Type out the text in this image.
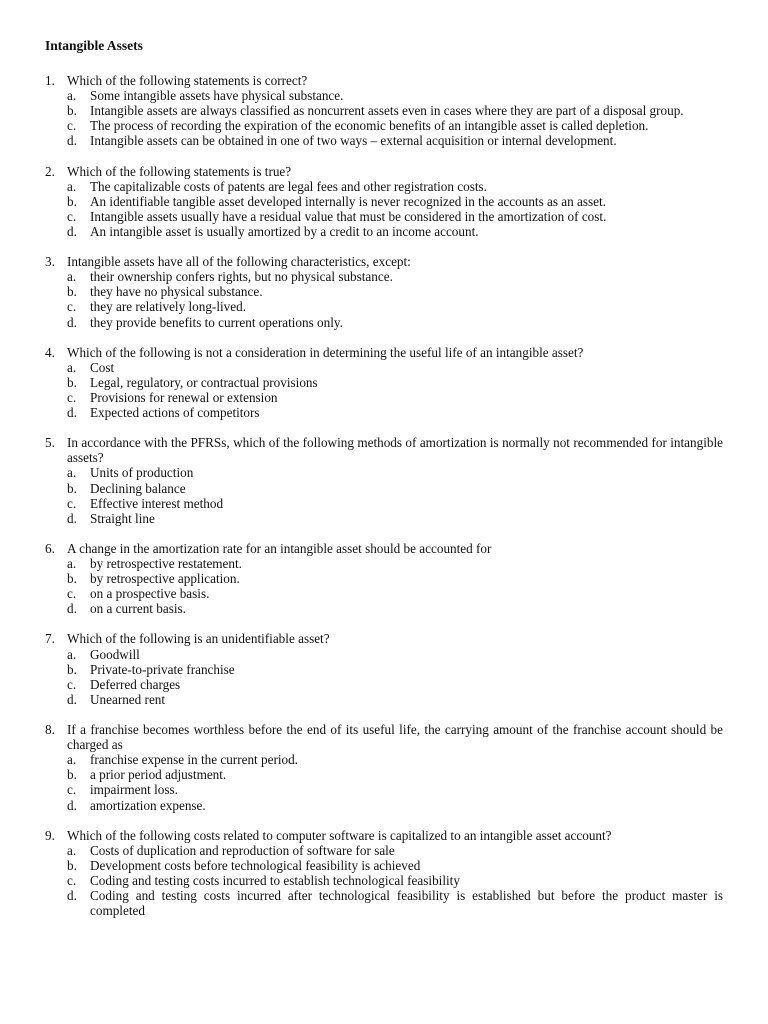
Intangible Assets
1. Which of the following statements is correct?
a. Some intangible assets have physical substance.
b. Intangible assets are always classified as noncurrent assets even in cases where they are part of a disposal group.
c. The process of recording the expiration of the economic benefits of an intangible asset is called depletion.
d. Intangible assets can be obtained in one of two ways – external acquisition or internal development.
2. Which of the following statements is true?
a. The capitalizable costs of patents are legal fees and other registration costs.
b. An identifiable tangible asset developed internally is never recognized in the accounts as an asset.
c. Intangible assets usually have a residual value that must be considered in the amortization of cost.
d. An intangible asset is usually amortized by a credit to an income account.
3. Intangible assets have all of the following characteristics, except:
a. their ownership confers rights, but no physical substance.
b. they have no physical substance.
c. they are relatively long-lived.
d. they provide benefits to current operations only.
4. Which of the following is not a consideration in determining the useful life of an intangible asset?
a. Cost
b. Legal, regulatory, or contractual provisions
c. Provisions for renewal or extension
d. Expected actions of competitors
5. In accordance with the PFRSs, which of the following methods of amortization is normally not recommended for intangible assets?
a. Units of production
b. Declining balance
c. Effective interest method
d. Straight line
6. A change in the amortization rate for an intangible asset should be accounted for
a. by retrospective restatement.
b. by retrospective application.
c. on a prospective basis.
d. on a current basis.
7. Which of the following is an unidentifiable asset?
a. Goodwill
b. Private-to-private franchise
c. Deferred charges
d. Unearned rent
8. If a franchise becomes worthless before the end of its useful life, the carrying amount of the franchise account should be charged as
a. franchise expense in the current period.
b. a prior period adjustment.
c. impairment loss.
d. amortization expense.
9. Which of the following costs related to computer software is capitalized to an intangible asset account?
a. Costs of duplication and reproduction of software for sale
b. Development costs before technological feasibility is achieved
c. Coding and testing costs incurred to establish technological feasibility
d. Coding and testing costs incurred after technological feasibility is established but before the product master is completed
